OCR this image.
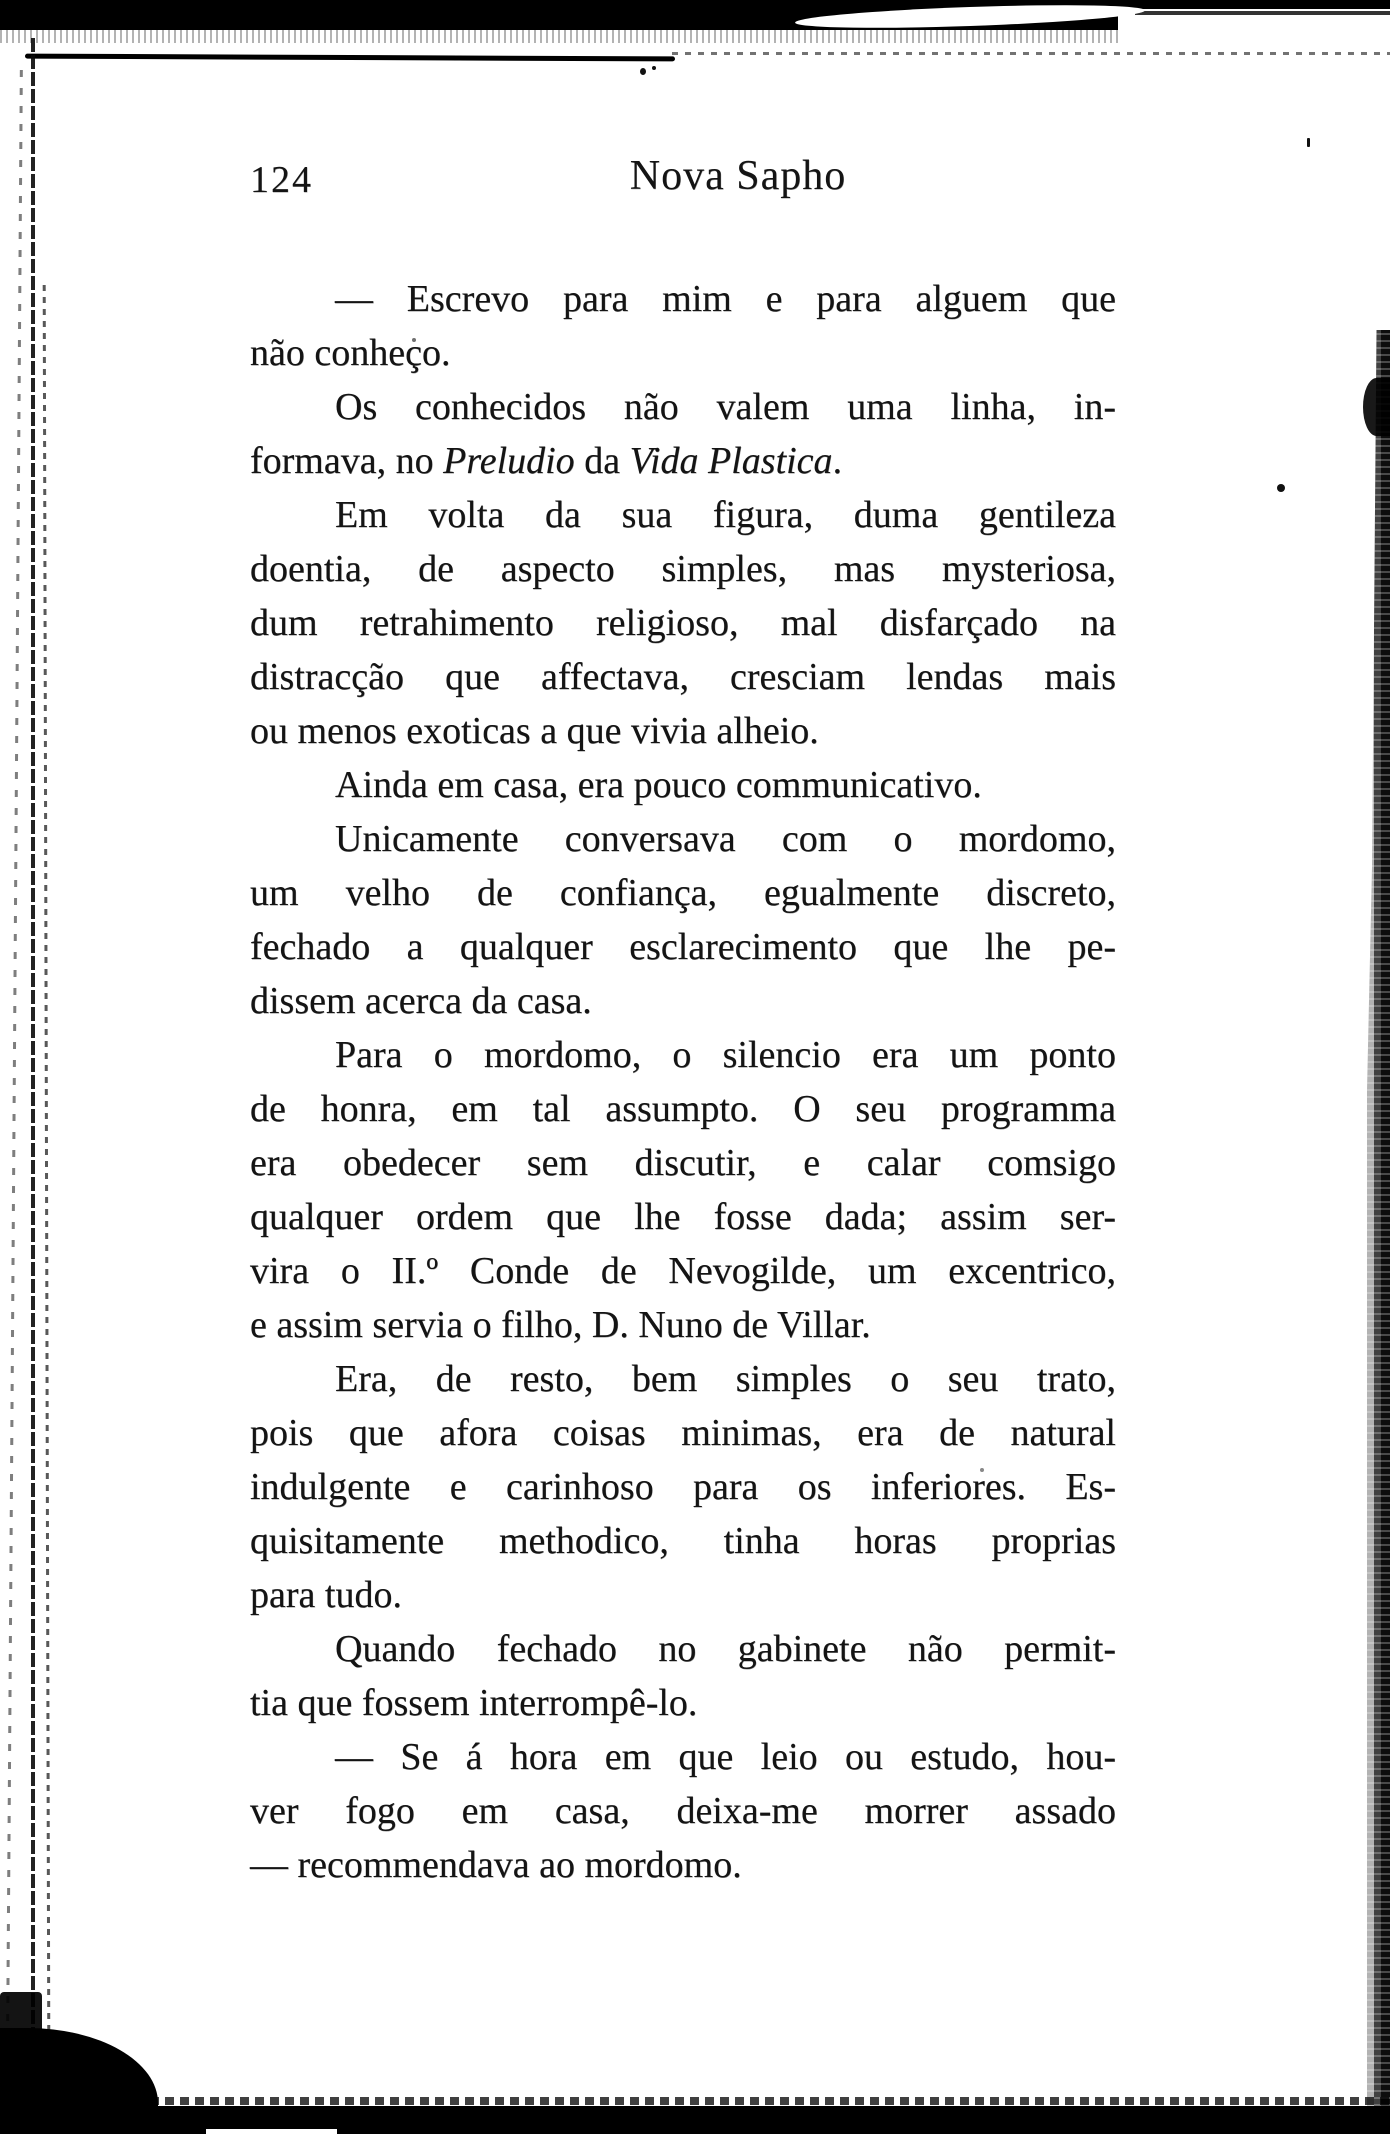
124	Nova Sapho
— Escrevo para mim e para alguem que
não conheço.
Os conhecidos não valem uma linha, in-
formava, no Preludio da Vida Plastica.
Em volta da sua figura, duma gentileza
doentia, de aspecto simples, mas mysteriosa,
dum retrahimento religioso, mal disfarçado na
distracção que affectava, cresciam lendas mais
ou menos exoticas a que vivia alheio.
Ainda em casa, era pouco communicativo.
Unicamente conversava com o mordomo,
um velho de confiança, egualmente discreto,
fechado a qualquer esclarecimento que lhe pe-
dissem acerca da casa.
Para o mordomo, o silencio era um ponto
de honra, em tal assumpto. O seu programma
era obedecer sem discutir, e calar comsigo
qualquer ordem que lhe fosse dada; assim ser-
vira o II.º Conde de Nevogilde, um excentrico,
e assim servia o filho, D. Nuno de Villar.
Era, de resto, bem simples o seu trato,
pois que afora coisas minimas, era de natural
indulgente e carinhoso para os inferiores. Es-
quisitamente methodico, tinha horas proprias
para tudo.
Quando fechado no gabinete não permit-
tia que fossem interrompê-lo.
— Se á hora em que leio ou estudo, hou-
ver fogo em casa, deixa-me morrer assado
— recommendava ao mordomo.
